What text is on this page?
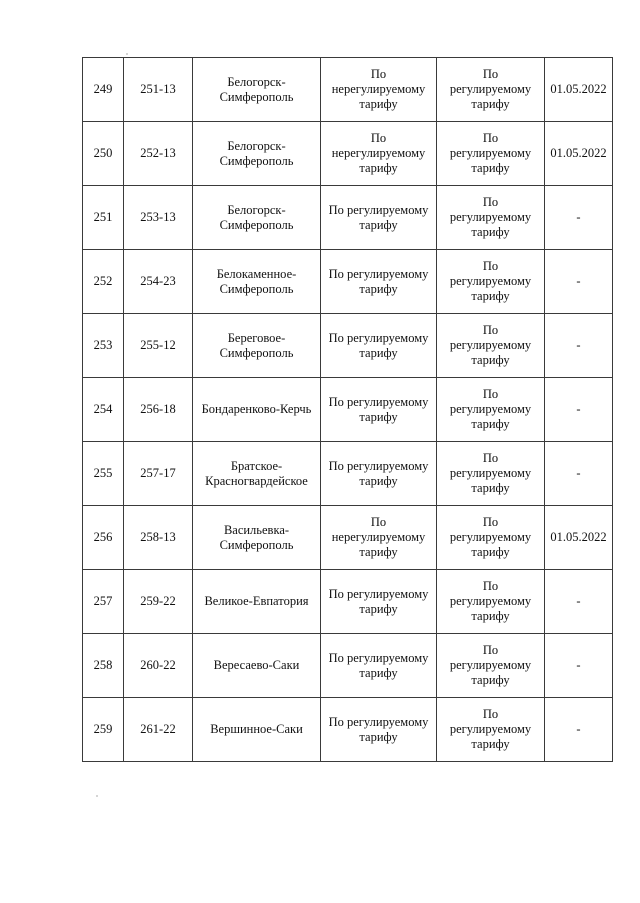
249	251-13	Белогорск-
Симферополь	По
нерегулируемому
тарифу	По
регулируемому
тарифу	01.05.2022
250	252-13	Белогорск-
Симферополь	По
нерегулируемому
тарифу	По
регулируемому
тарифу	01.05.2022
251	253-13	Белогорск-
Симферополь	По регулируемому
тарифу	По
регулируемому
тарифу	-
252	254-23	Белокаменное-
Симферополь	По регулируемому
тарифу	По
регулируемому
тарифу	-
253	255-12	Береговое-
Симферополь	По регулируемому
тарифу	По
регулируемому
тарифу	-
254	256-18	Бондаренково-Керчь	По регулируемому
тарифу	По
регулируемому
тарифу	-
255	257-17	Братское-
Красногвардейское	По регулируемому
тарифу	По
регулируемому
тарифу	-
256	258-13	Васильевка-
Симферополь	По
нерегулируемому
тарифу	По
регулируемому
тарифу	01.05.2022
257	259-22	Великое-Евпатория	По регулируемому
тарифу	По
регулируемому
тарифу	-
258	260-22	Вересаево-Саки	По регулируемому
тарифу	По
регулируемому
тарифу	-
259	261-22	Вершинное-Саки	По регулируемому
тарифу	По
регулируемому
тарифу	-
